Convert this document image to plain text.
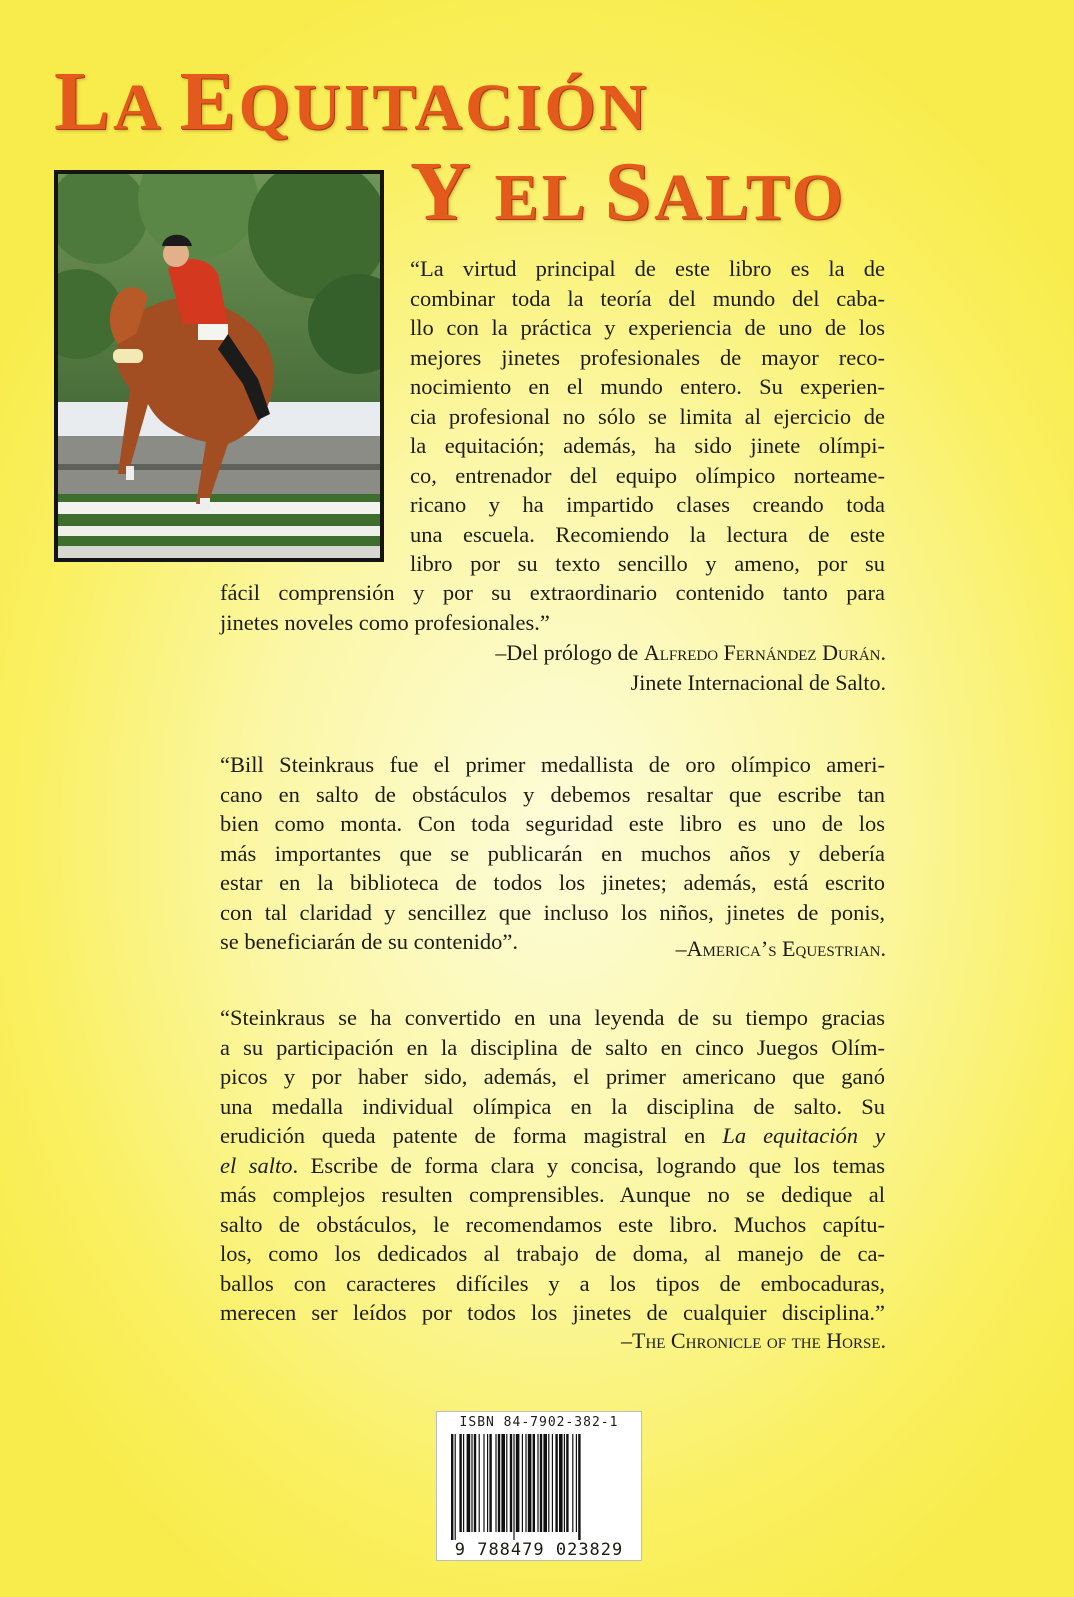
LA EQUITACIÓN
Y EL SALTO

“La virtud principal de este libro es la de
combinar toda la teoría del mundo del caba-
llo con la práctica y experiencia de uno de los
mejores jinetes profesionales de mayor reco-
nocimiento en el mundo entero. Su experien-
cia profesional no sólo se limita al ejercicio de
la equitación; además, ha sido jinete olímpi-
co, entrenador del equipo olímpico norteame-
ricano y ha impartido clases creando toda
una escuela. Recomiendo la lectura de este
libro por su texto sencillo y ameno, por su

fácil comprensión y por su extraordinario contenido tanto para
jinetes noveles como profesionales.”

–Del prólogo de Alfredo Fernández Durán.

Jinete Internacional de Salto.

“Bill Steinkraus fue el primer medallista de oro olímpico ameri-
cano en salto de obstáculos y debemos resaltar que escribe tan
bien como monta. Con toda seguridad este libro es uno de los
más importantes que se publicarán en muchos años y debería
estar en la biblioteca de todos los jinetes; además, está escrito
con tal claridad y sencillez que incluso los niños, jinetes de ponis,
se beneficiarán de su contenido”.	–America’s Equestrian.

“Steinkraus se ha convertido en una leyenda de su tiempo gracias
a su participación en la disciplina de salto en cinco Juegos Olím-
picos y por haber sido, además, el primer americano que ganó
una medalla individual olímpica en la disciplina de salto. Su
erudición queda patente de forma magistral en La equitación y
el salto. Escribe de forma clara y concisa, logrando que los temas
más complejos resulten comprensibles. Aunque no se dedique al
salto de obstáculos, le recomendamos este libro. Muchos capítu-
los, como los dedicados al trabajo de doma, al manejo de ca-
ballos con caracteres difíciles y a los tipos de embocaduras,
merecen ser leídos por todos los jinetes de cualquier disciplina.”

–The Chronicle of the Horse.

ISBN 84-7902-382-1
9 788479 023829
